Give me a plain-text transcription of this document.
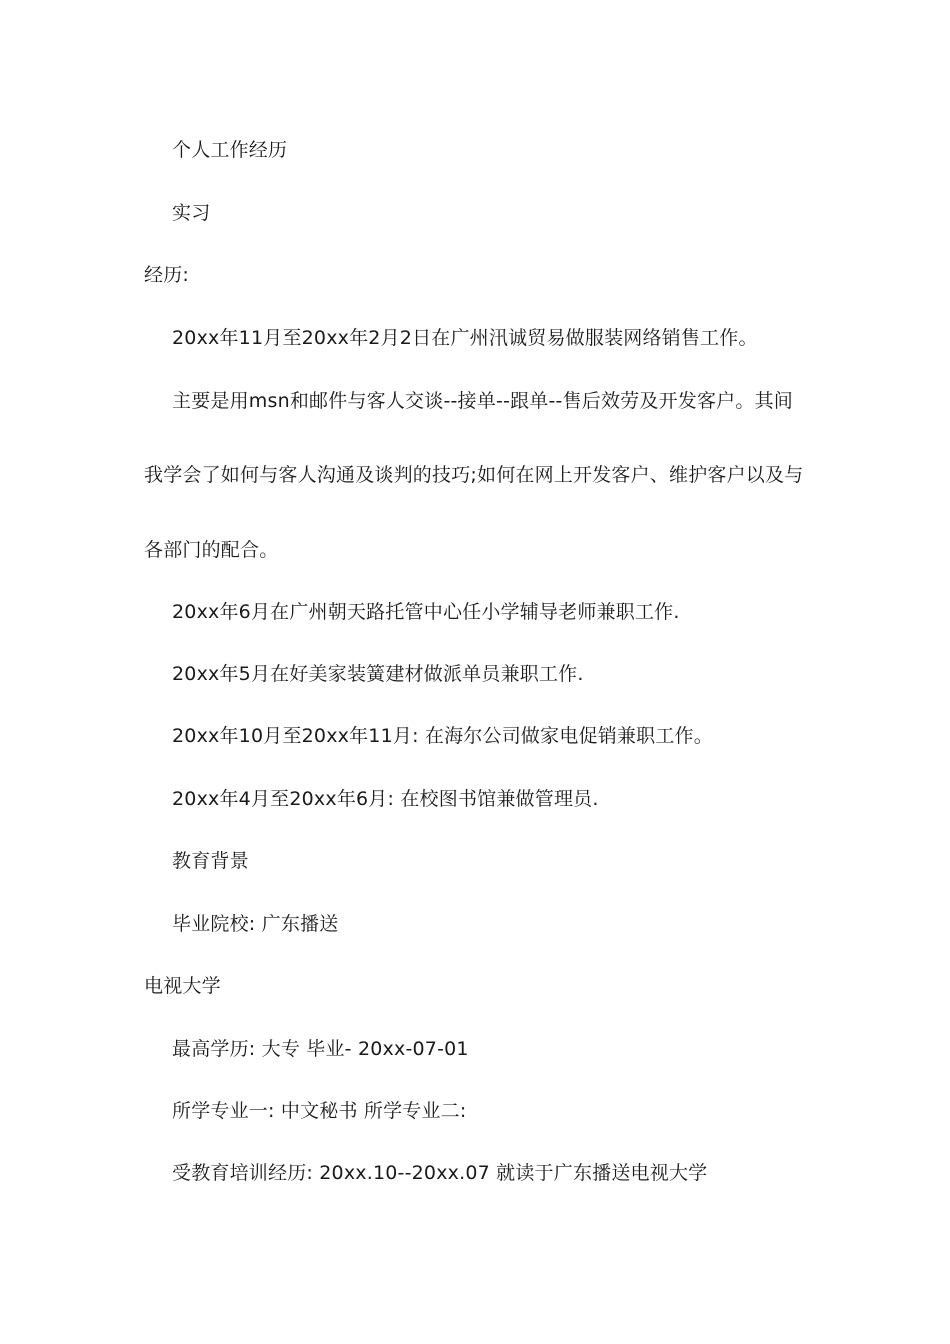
个人工作经历
实习
经历:
20xx年11月至20xx年2月2日在广州汛诚贸易做服装网络销售工作。
主要是用msn和邮件与客人交谈--接单--跟单--售后效劳及开发客户。其间
我学会了如何与客人沟通及谈判的技巧;如何在网上开发客户、维护客户以及与
各部门的配合。
20xx年6月在广州朝天路托管中心任小学辅导老师兼职工作.
20xx年5月在好美家装簧建材做派单员兼职工作.
20xx年10月至20xx年11月: 在海尔公司做家电促销兼职工作。
20xx年4月至20xx年6月: 在校图书馆兼做管理员.
教育背景
毕业院校: 广东播送
电视大学
最高学历: 大专 毕业- 20xx-07-01
所学专业一: 中文秘书 所学专业二:
受教育培训经历: 20xx.10--20xx.07 就读于广东播送电视大学
